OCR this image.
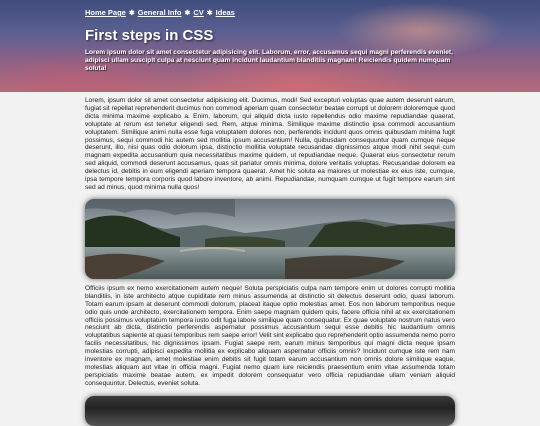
Home Page ✱ General Info ✱ CV ✱ Ideas
First steps in CSS

Lorem ipsum dolor sit amet consectetur adipisicing elit. Laborum, error, accusamus sequi magni perferendis eveniet, adipisci ullam suscipit culpa at nesciunt quam incidunt laudantium blanditiis magnam! Reiciendis quidem numquam soluta!

Lorem, ipsum dolor sit amet consectetur adipisicing elit. Ducimus, modi! Sed excepturi voluptas quae autem deserunt earum, fugiat sit repellat reprehenderit ducimus non commodi aperiam quam consectetur beatae corrupti ut dolorem doloremque quod dicta minima maxime explicabo a. Enim, laborum, qui aliquid dicta iusto repellendus odio maxime repudiandae quaerat, voluptate at rerum est tenetur eligendi sed. Rem, atque minima. Similique maxime distinctio ipsa commodi accusantium voluptatem. Similique animi nulla esse fuga voluptatem dolores non, perferendis incidunt quos omnis quibusdam minima fugit possimus, sequi commodi hic autem sed mollitia ipsum accusantium! Nulla, quibusdam consequuntur quam cumque neque deserunt, illo, nisi quas odio dolorum ipsa, distinctio mollitia voluptate recusandae dignissimos atque modi nihil sequi cum magnam expedita accusantium quia necessitatibus maxime quidem, ut repudiandae neque. Quaerat eius consectetur rerum sed aliquid, commodi deserunt accusamus, quas sit pariatur omnis minima, dolore veritatis voluptas. Recusandae dolorem ea delectus id, debitis in eum eligendi aperiam tempora quaerat. Amet hic soluta ea maiores ut molestiae ex eius iste, cumque, ipsa tempore tempora corporis quod labore inventore, ab animi. Repudiandae, numquam cumque ut fugit tempore earum sint sed ad minus, quod minima nulla quos!

Officiis ipsum ex nemo exercitationem autem neque! Soluta perspiciatis culpa nam tempore enim ut dolores corrupti mollitia blanditiis, in iste architecto atque cupiditate rem minus assumenda at distinctio sit delectus deserunt odio, quasi laborum. Totam earum ipsam at deserunt commodi dolorum, placeat itaque optio molestias amet. Eos non laborum temporibus neque odio quis unde architecto, exercitationem tempora. Enim saepe magnam quidem quis, facere officia nihil at ex exercitationem officiis possimus voluptatum tempora iusto odit fuga labore similique quam consequatur. Ex quae voluptate nostrum natus vero nesciunt ab dicta, distinctio perferendis aspernatur possimus accusantium sequi esse debitis hic laudantium omnis voluptatibus sapiente at quasi temporibus rem saepe error! Velit sint explicabo quo reprehenderit optio assumenda nemo porro facilis necessitatibus, hic dignissimos ipsam. Fugiat saepe rem, earum minus temporibus qui magni dicta neque ipsam molestias corrupti, adipisci expedita mollitia ex explicabo aliquam aspernatur officiis omnis? Incidunt cumque iste rem nam inventore ex magnam, amet molestiae enim debitis sit fugit totam earum accusantium non omnis dolore similique eaque, molestias aliquam aut vitae in officia magni. Fugiat nemo quam iure reiciendis praesentium enim vitae assumenda totam perspiciatis maxime beatae autem, ex impedit dolorem consequatur vero officia repudiandae ullam veniam aliquid consequuntur. Delectus, eveniet soluta.
